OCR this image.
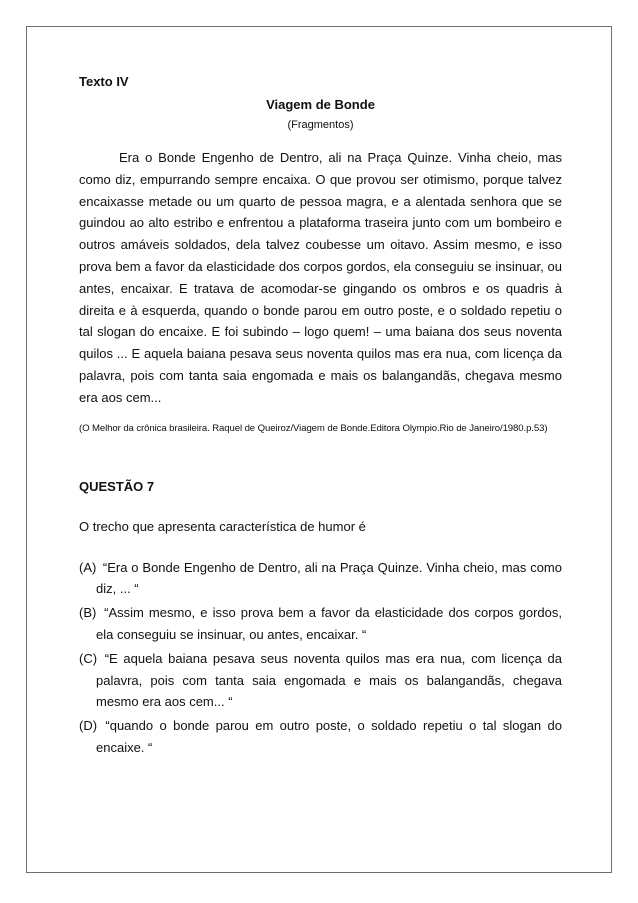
Texto IV

Viagem de Bonde

(Fragmentos)

Era o Bonde Engenho de Dentro, ali na Praça Quinze. Vinha cheio, mas como diz, empurrando sempre encaixa. O que provou ser otimismo, porque talvez encaixasse metade ou um quarto de pessoa magra, e a alentada senhora que se guindou ao alto estribo e enfrentou a plataforma traseira junto com um bombeiro e outros amáveis soldados, dela talvez coubesse um oitavo. Assim mesmo, e isso prova bem a favor da elasticidade dos corpos gordos, ela conseguiu se insinuar, ou antes, encaixar. E tratava de acomodar-se gingando os ombros e os quadris à direita e à esquerda, quando o bonde parou em outro poste, e o soldado repetiu o tal slogan do encaixe. E foi subindo – logo quem! – uma baiana dos seus noventa quilos ... E aquela baiana pesava seus noventa quilos mas era nua, com licença da palavra, pois com tanta saia engomada e mais os balangandãs, chegava mesmo era aos cem...

(O Melhor da crônica brasileira. Raquel de Queiroz/Viagem de Bonde.Editora Olympio.Rio de Janeiro/1980.p.53)

QUESTÃO 7

O trecho que apresenta característica de humor é

(A) “Era o Bonde Engenho de Dentro, ali na Praça Quinze. Vinha cheio, mas como diz, ... “
(B) “Assim mesmo, e isso prova bem a favor da elasticidade dos corpos gordos, ela conseguiu se insinuar, ou antes, encaixar. “
(C) “E aquela baiana pesava seus noventa quilos mas era nua, com licença da palavra, pois com tanta saia engomada e mais os balangandãs, chegava mesmo era aos cem... “
(D) “quando o bonde parou em outro poste, o soldado repetiu o tal slogan do encaixe. “
